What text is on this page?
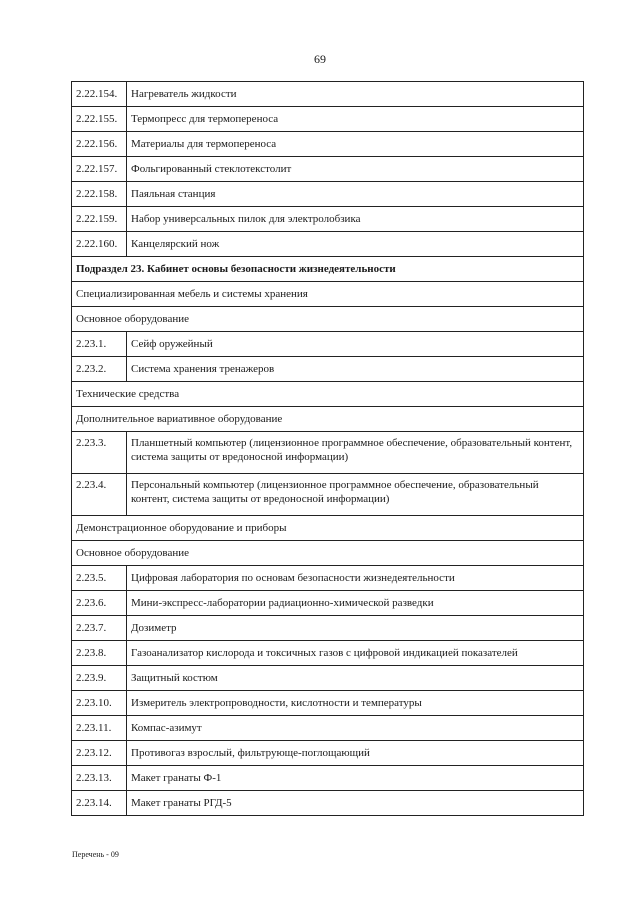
69
2.22.154.	Нагреватель жидкости
2.22.155.	Термопресс для термопереноса
2.22.156.	Материалы для термопереноса
2.22.157.	Фольгированный стеклотекстолит
2.22.158.	Паяльная станция
2.22.159.	Набор универсальных пилок для электролобзика
2.22.160.	Канцелярский нож
Подраздел 23. Кабинет основы безопасности жизнедеятельности	
Специализированная мебель и системы хранения	
Основное оборудование	
2.23.1.	Сейф оружейный
2.23.2.	Система хранения тренажеров
Технические средства	
Дополнительное вариативное оборудование	
2.23.3.	Планшетный компьютер (лицензионное программное обеспечение, образовательный контент, система защиты от вредоносной информации)
2.23.4.	Персональный компьютер (лицензионное программное обеспечение, образовательный контент, система защиты от вредоносной информации)
Демонстрационное оборудование и приборы	
Основное оборудование	
2.23.5.	Цифровая лаборатория по основам безопасности жизнедеятельности
2.23.6.	Мини-экспресс-лаборатории радиационно-химической разведки
2.23.7.	Дозиметр
2.23.8.	Газоанализатор кислорода и токсичных газов с цифровой индикацией показателей
2.23.9.	Защитный костюм
2.23.10.	Измеритель электропроводности, кислотности и температуры
2.23.11.	Компас-азимут
2.23.12.	Противогаз взрослый, фильтрующе-поглощающий
2.23.13.	Макет гранаты Ф-1
2.23.14.	Макет гранаты РГД-5
Перечень - 09
